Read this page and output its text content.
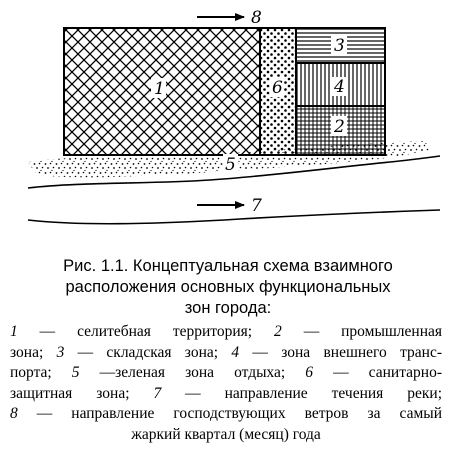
8
1	6
3
4
2
5
7
Рис. 1.1. Концептуальная схема взаимного
расположения основных функциональных
зон города:
1 — селитебная территория; 2 — промышленная
зона; 3 — складская зона; 4 — зона внешнего транс-
порта; 5 —зеленая зона отдыха; 6 — санитарно-
защитная зона; 7 — направление течения реки;
8 — направление господствующих ветров за самый
жаркий квартал (месяц) года
